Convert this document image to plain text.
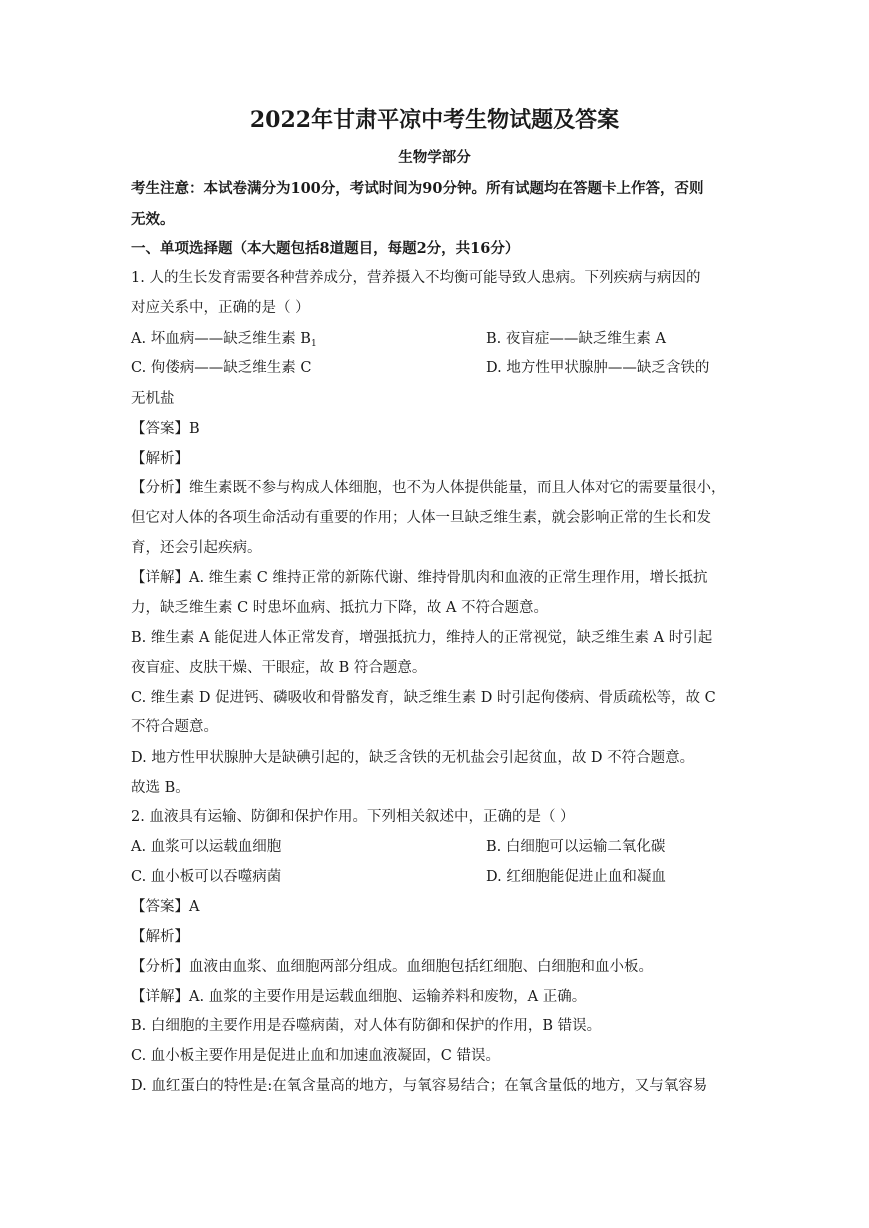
2022年甘肃平凉中考生物试题及答案
生物学部分
考生注意：本试卷满分为100分，考试时间为90分钟。所有试题均在答题卡上作答，否则
无效。
一、单项选择题（本大题包括8道题目，每题2分，共16分）
1. 人的生长发育需要各种营养成分，营养摄入不均衡可能导致人患病。下列疾病与病因的
对应关系中，正确的是（ ）
A. 坏血病——缺乏维生素 $B_1$	B. 夜盲症——缺乏维生素 A
C. 佝偻病——缺乏维生素 C	D. 地方性甲状腺肿——缺乏含铁的
无机盐
【答案】B
【解析】
【分析】维生素既不参与构成人体细胞，也不为人体提供能量，而且人体对它的需要量很小，
但它对人体的各项生命活动有重要的作用；人体一旦缺乏维生素，就会影响正常的生长和发
育，还会引起疾病。
【详解】A. 维生素 C 维持正常的新陈代谢、维持骨肌肉和血液的正常生理作用，增长抵抗
力，缺乏维生素 C 时患坏血病、抵抗力下降，故 A 不符合题意。
B. 维生素 A 能促进人体正常发育，增强抵抗力，维持人的正常视觉，缺乏维生素 A 时引起
夜盲症、皮肤干燥、干眼症，故 B 符合题意。
C. 维生素 D 促进钙、磷吸收和骨骼发育，缺乏维生素 D 时引起佝偻病、骨质疏松等，故 C
不符合题意。
D. 地方性甲状腺肿大是缺碘引起的，缺乏含铁的无机盐会引起贫血，故 D 不符合题意。
故选 B。
2. 血液具有运输、防御和保护作用。下列相关叙述中，正确的是（ ）
A. 血浆可以运载血细胞	B. 白细胞可以运输二氧化碳
C. 血小板可以吞噬病菌	D. 红细胞能促进止血和凝血
【答案】A
【解析】
【分析】血液由血浆、血细胞两部分组成。血细胞包括红细胞、白细胞和血小板。
【详解】A. 血浆的主要作用是运载血细胞、运输养料和废物，A 正确。
B. 白细胞的主要作用是吞噬病菌，对人体有防御和保护的作用，B 错误。
C. 血小板主要作用是促进止血和加速血液凝固，C 错误。
D. 血红蛋白的特性是:在氧含量高的地方，与氧容易结合；在氧含量低的地方，又与氧容易
